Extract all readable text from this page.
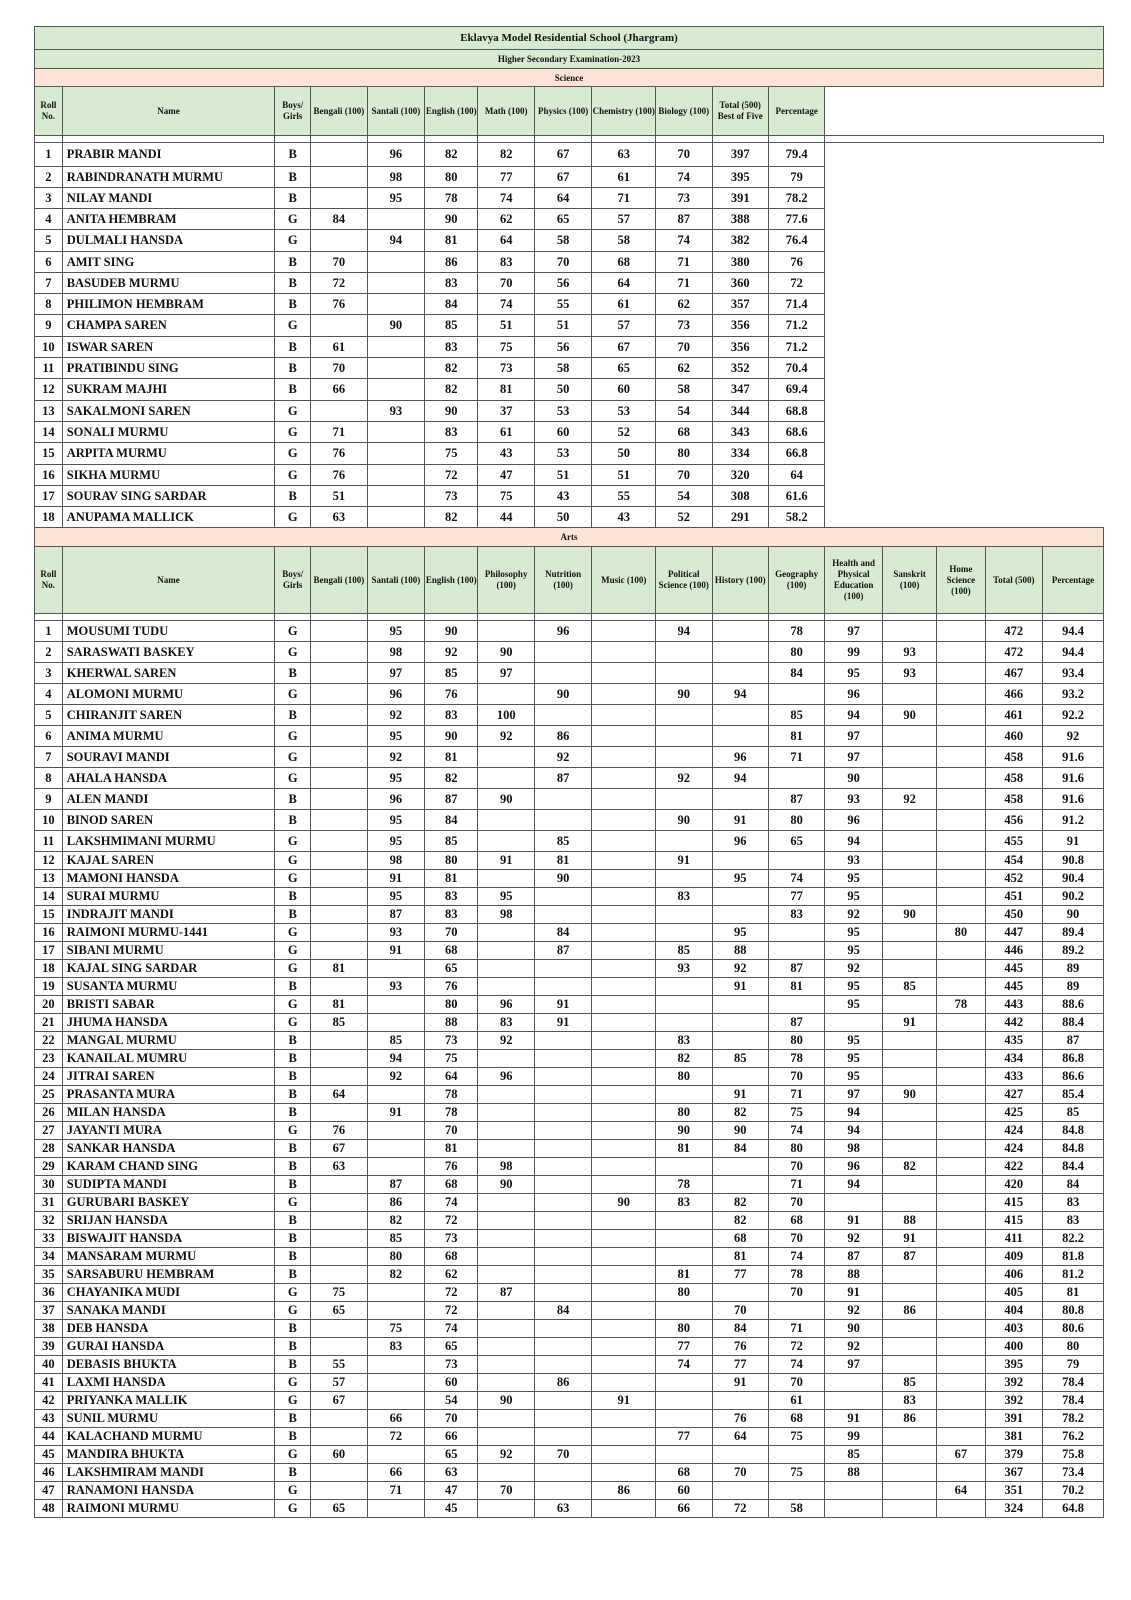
Eklavya Model Residential School (Jhargram)																
Higher Secondary Examination-2023																
Science																
Roll No.	Name	Boys/ Girls	Bengali (100)	Santali (100)	English (100)	Math (100)	Physics (100)	Chemistry (100)	Biology (100)	Total (500) Best of Five	Percentage					

1	PRABIR MANDI	B		96	82	82	67	63	70	397	79.4					
2	RABINDRANATH MURMU	B		98	80	77	67	61	74	395	79					
3	NILAY MANDI	B		95	78	74	64	71	73	391	78.2					
4	ANITA HEMBRAM	G	84		90	62	65	57	87	388	77.6					
5	DULMALI HANSDA	G		94	81	64	58	58	74	382	76.4					
6	AMIT SING	B	70		86	83	70	68	71	380	76					
7	BASUDEB MURMU	B	72		83	70	56	64	71	360	72					
8	PHILIMON HEMBRAM	B	76		84	74	55	61	62	357	71.4					
9	CHAMPA SAREN	G		90	85	51	51	57	73	356	71.2					
10	ISWAR SAREN	B	61		83	75	56	67	70	356	71.2					
11	PRATIBINDU SING	B	70		82	73	58	65	62	352	70.4					
12	SUKRAM MAJHI	B	66		82	81	50	60	58	347	69.4					
13	SAKALMONI SAREN	G		93	90	37	53	53	54	344	68.8					
14	SONALI MURMU	G	71		83	61	60	52	68	343	68.6					
15	ARPITA MURMU	G	76		75	43	53	50	80	334	66.8					
16	SIKHA MURMU	G	76		72	47	51	51	70	320	64					
17	SOURAV SING SARDAR	B	51		73	75	43	55	54	308	61.6					
18	ANUPAMA MALLICK	G	63		82	44	50	43	52	291	58.2					
Arts																
Roll No.	Name	Boys/ Girls	Bengali (100)	Santali (100)	English (100)	Philosophy (100)	Nutrition (100)	Music (100)	Political Science (100)	History (100)	Geography (100)	Health and Physical Education (100)	Sanskrit (100)	Home Science (100)	Total (500)	Percentage

1	MOUSUMI TUDU	G		95	90		96		94		78	97			472	94.4
2	SARASWATI BASKEY	G		98	92	90					80	99	93		472	94.4
3	KHERWAL SAREN	B		97	85	97					84	95	93		467	93.4
4	ALOMONI MURMU	G		96	76		90		90	94		96			466	93.2
5	CHIRANJIT SAREN	B		92	83	100					85	94	90		461	92.2
6	ANIMA MURMU	G		95	90	92	86				81	97			460	92
7	SOURAVI MANDI	G		92	81		92			96	71	97			458	91.6
8	AHALA HANSDA	G		95	82		87		92	94		90			458	91.6
9	ALEN MANDI	B		96	87	90					87	93	92		458	91.6
10	BINOD SAREN	B		95	84				90	91	80	96			456	91.2
11	LAKSHMIMANI MURMU	G		95	85		85			96	65	94			455	91
12	KAJAL SAREN	G		98	80	91	81		91			93			454	90.8
13	MAMONI HANSDA	G		91	81		90			95	74	95			452	90.4
14	SURAI MURMU	B		95	83	95			83		77	95			451	90.2
15	INDRAJIT MANDI	B		87	83	98					83	92	90		450	90
16	RAIMONI MURMU-1441	G		93	70		84			95		95		80	447	89.4
17	SIBANI MURMU	G		91	68		87		85	88		95			446	89.2
18	KAJAL SING SARDAR	G	81		65				93	92	87	92			445	89
19	SUSANTA MURMU	B		93	76					91	81	95	85		445	89
20	BRISTI SABAR	G	81		80	96	91					95		78	443	88.6
21	JHUMA HANSDA	G	85		88	83	91				87		91		442	88.4
22	MANGAL MURMU	B		85	73	92			83		80	95			435	87
23	KANAILAL MUMRU	B		94	75				82	85	78	95			434	86.8
24	JITRAI SAREN	B		92	64	96			80		70	95			433	86.6
25	PRASANTA MURA	B	64		78					91	71	97	90		427	85.4
26	MILAN HANSDA	B		91	78				80	82	75	94			425	85
27	JAYANTI MURA	G	76		70				90	90	74	94			424	84.8
28	SANKAR HANSDA	B	67		81				81	84	80	98			424	84.8
29	KARAM CHAND SING	B	63		76	98					70	96	82		422	84.4
30	SUDIPTA MANDI	B		87	68	90			78		71	94			420	84
31	GURUBARI BASKEY	G		86	74			90	83	82	70				415	83
32	SRIJAN HANSDA	B		82	72					82	68	91	88		415	83
33	BISWAJIT HANSDA	B		85	73					68	70	92	91		411	82.2
34	MANSARAM MURMU	B		80	68					81	74	87	87		409	81.8
35	SARSABURU HEMBRAM	B		82	62				81	77	78	88			406	81.2
36	CHAYANIKA MUDI	G	75		72	87			80		70	91			405	81
37	SANAKA MANDI	G	65		72		84			70		92	86		404	80.8
38	DEB HANSDA	B		75	74				80	84	71	90			403	80.6
39	GURAI HANSDA	B		83	65				77	76	72	92			400	80
40	DEBASIS BHUKTA	B	55		73				74	77	74	97			395	79
41	LAXMI HANSDA	G	57		60		86			91	70		85		392	78.4
42	PRIYANKA MALLIK	G	67		54	90		91			61		83		392	78.4
43	SUNIL MURMU	B		66	70					76	68	91	86		391	78.2
44	KALACHAND MURMU	B		72	66				77	64	75	99			381	76.2
45	MANDIRA BHUKTA	G	60		65	92	70					85		67	379	75.8
46	LAKSHMIRAM MANDI	B		66	63				68	70	75	88			367	73.4
47	RANAMONI HANSDA	G		71	47	70		86	60					64	351	70.2
48	RAIMONI MURMU	G	65		45		63		66	72	58				324	64.8
